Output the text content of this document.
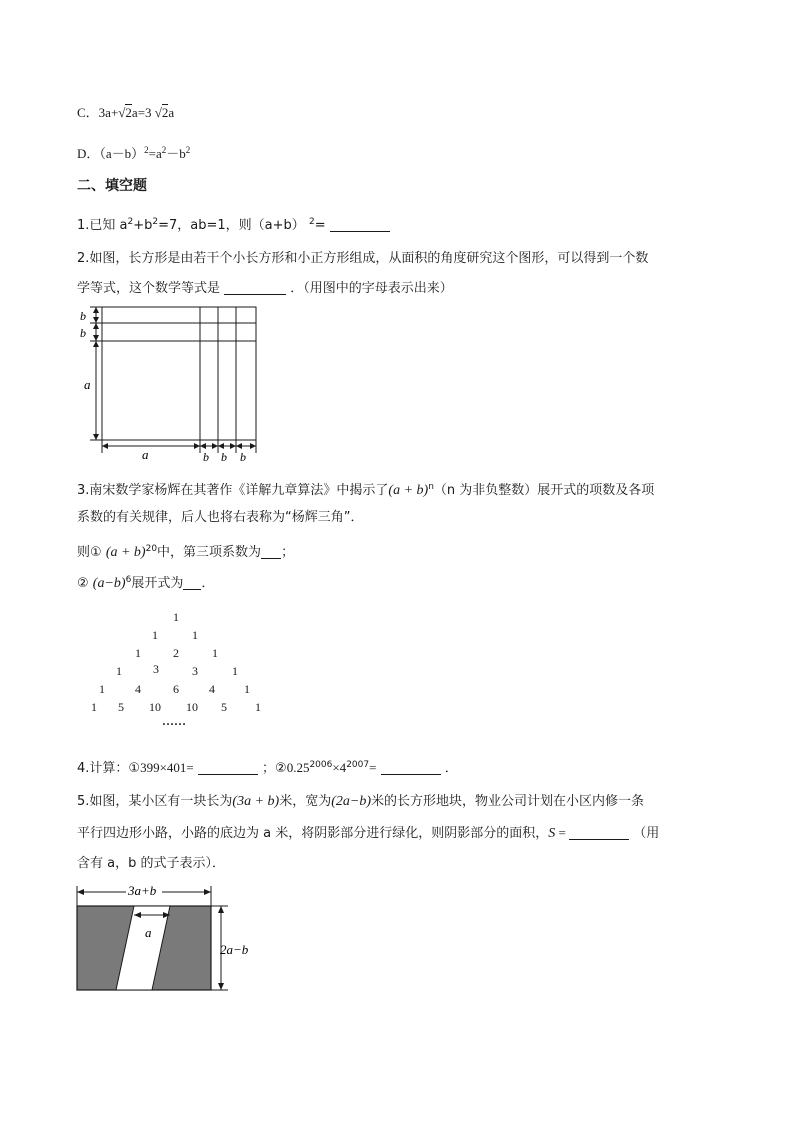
C．3a+√2a=3 √2a
D．$(a-b)^2=a^2-b^2$
二、填空题
1.已知 $a^2+b^2=7$，ab=1，则（a+b） $^2$=
2.如图，长方形是由若干个小长方形和小正方形组成，从面积的角度研究这个图形，可以得到一个数
学等式，这个数学等式是	．（用图中的字母表示出来）
b
b
a
a	b b b
3.南宋数学家杨辉在其著作《详解九章算法》中揭示了$(a + b)^n(n$ 为非负整数）展开式的项数及各项
系数的有关规律，后人也将右表称为“杨辉三角”．
则① $(a + b)^{20}$中，第三项系数为 ；
② $(a-b)^6$展开式为 ．
1
1	1
1	2	1
1	3	3	1
1	4	6	4 1
1 5 10 10 5 1
……
4.计算：①399×401=	；$②0.25^{2006}\times 4^{2007}=$	．
5.如图，某小区有一块长为(3a + b)米，宽为(2a−b)米的长方形地块，物业公司计划在小区内修一条
平行四边形小路，小路的底边为 a 米，将阴影部分进行绿化，则阴影部分的面积，S =	（用
含有 a，b 的式子表示）．
3a+b
a
2a−b
